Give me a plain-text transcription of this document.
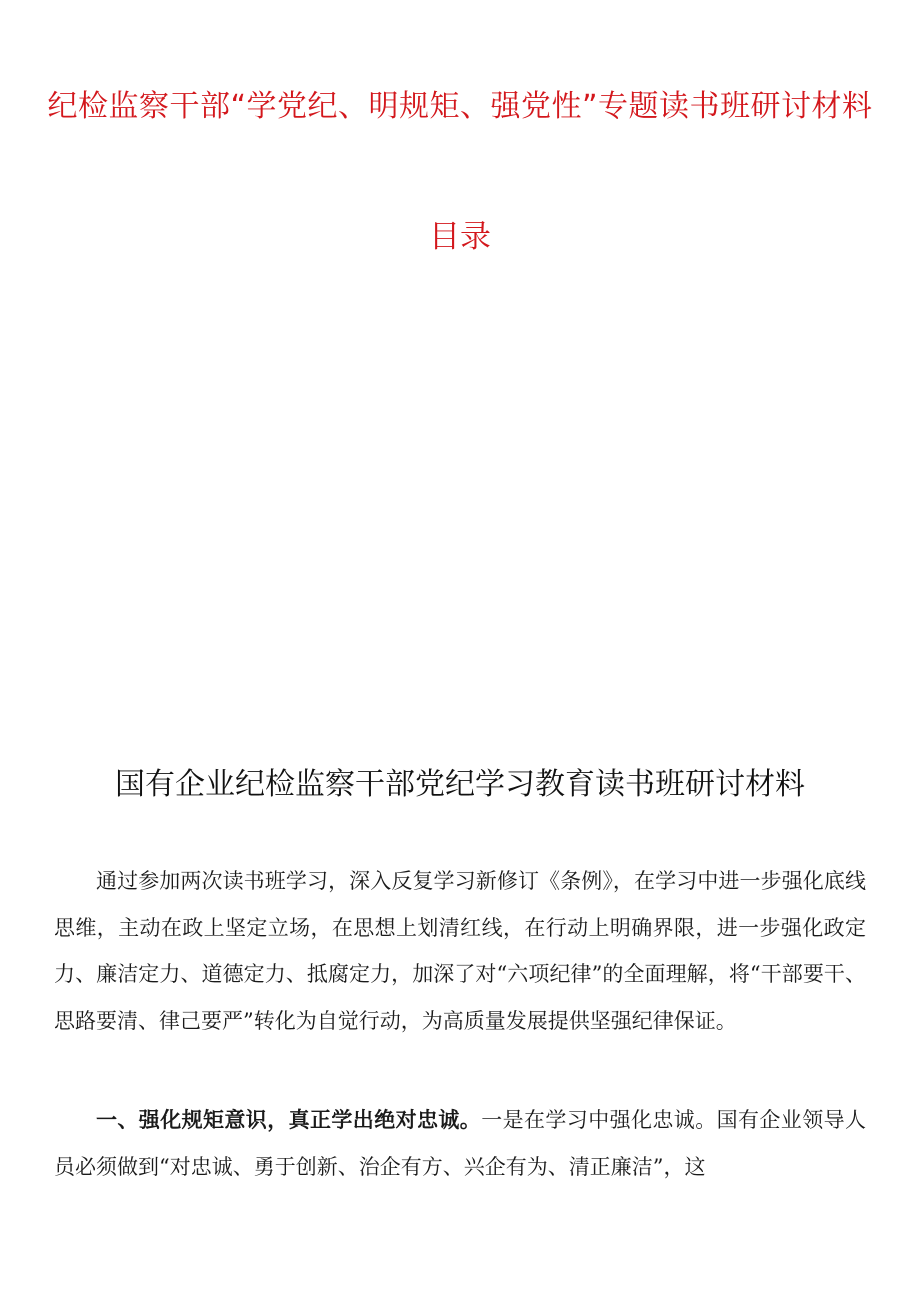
纪检监察干部“学党纪、明规矩、强党性”专题读书班研讨材料
目录
国有企业纪检监察干部党纪学习教育读书班研讨材料

通过参加两次读书班学习，深入反复学习新修订《条例》，在学习中进一步强化底线思维，主动在政上坚定立场，在思想上划清红线，在行动上明确界限，进一步强化政定力、廉洁定力、道德定力、抵腐定力，加深了对“六项纪律”的全面理解，将“干部要干、思路要清、律己要严”转化为自觉行动，为高质量发展提供坚强纪律保证。

一、强化规矩意识，真正学出绝对忠诚。一是在学习中强化忠诚。国有企业领导人员必须做到“对忠诚、勇于创新、治企有方、兴企有为、清正廉洁”，这
